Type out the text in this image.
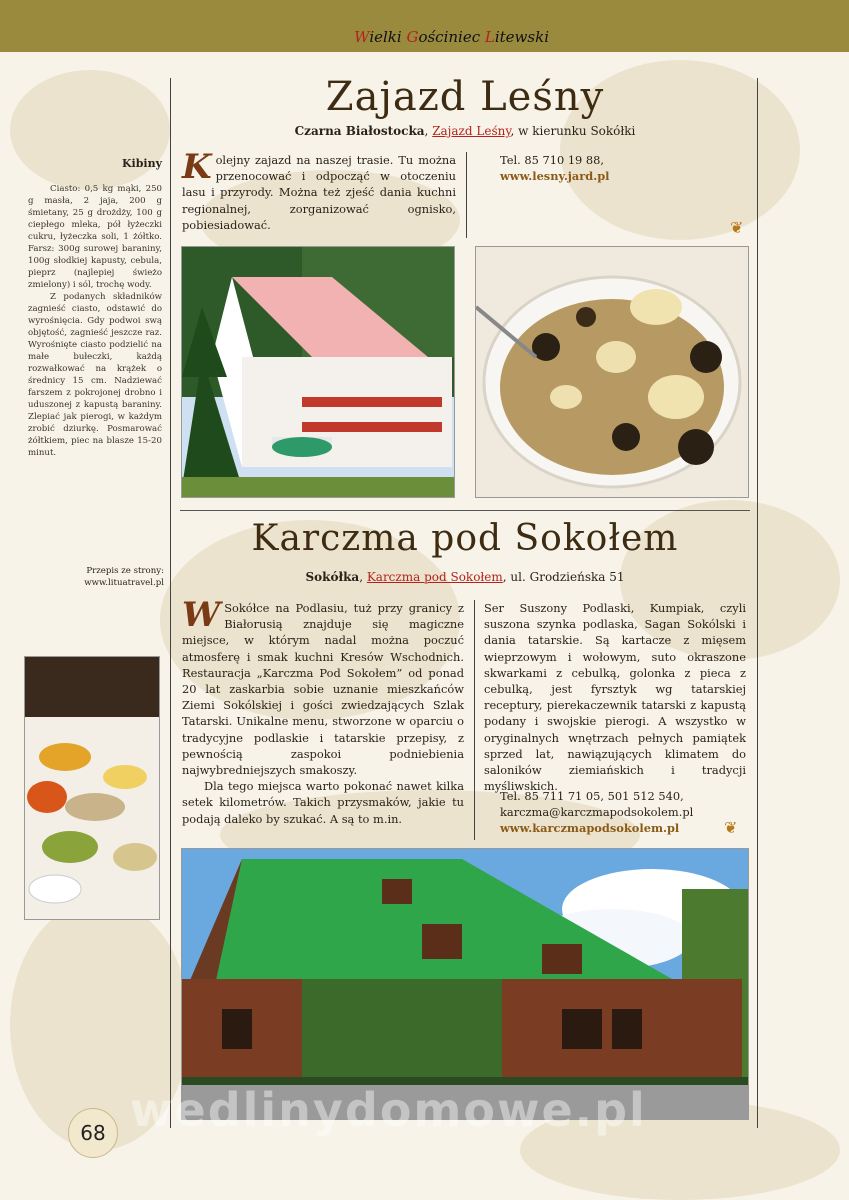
Wielki Gościniec Litewski
Kibiny
Ciasto: 0,5 kg mąki, 250 g masła, 2 jaja, 200 g śmietany, 25 g drożdży, 100 g ciepłego mleka, pół łyżeczki cukru, łyżeczka soli, 1 żółtko. Farsz: 300g surowej baraniny, 100g słodkiej kapusty, cebula, pieprz (najlepiej świeżo zmielony) i sól, trochę wody.
Z podanych składników zagnieść ciasto, odstawić do wyrośnięcia. Gdy podwoi swą objętość, zagnieść jeszcze raz. Wyrośnięte ciasto podzielić na małe bułeczki, każdą rozwałkować na krążek o średnicy 15 cm. Nadziewać farszem z pokrojonej drobno i uduszonej z kapustą baraniny. Zlepiać jak pierogi, w każdym zrobić dziurkę. Posmarować żółtkiem, piec na blasze 15-20 minut.
Przepis ze strony:
www.lituatravel.pl
Zajazd Leśny
Czarna Białostocka, Zajazd Leśny, w kierunku Sokółki
Kolejny zajazd na naszej trasie. Tu można przenocować i odpocząć w otoczeniu lasu i przyrody. Można też zjeść dania kuchni regionalnej, zorganizować ognisko, pobiesiadować.
Tel. 85 710 19 88,
www.lesny.jard.pl
❦
Karczma pod Sokołem
Sokółka, Karczma pod Sokołem, ul. Grodzieńska 51
W Sokółce na Podlasiu, tuż przy granicy z Białorusią znajduje się magiczne miejsce, w którym nadal można poczuć atmosferę i smak kuchni Kresów Wschodnich. Restauracja „Karczma Pod Sokołem” od ponad 20 lat zaskarbia sobie uznanie mieszkańców Ziemi Sokólskiej i gości zwiedzających Szlak Tatarski. Unikalne menu, stworzone w oparciu o tradycyjne podlaskie i tatarskie przepisy, z pewnością zaspokoi podniebienia najwybredniejszych smakoszy.
Dla tego miejsca warto pokonać nawet kilka setek kilometrów. Takich przysmaków, jakie tu podają daleko by szukać. A są to m.in.
Ser Suszony Podlaski, Kumpiak, czyli suszona szynka podlaska, Sagan Sokólski i dania tatarskie. Są kartacze z mięsem wieprzowym i wołowym, suto okraszone skwarkami z cebulką, golonka z pieca z cebulką, jest fyrsztyk wg tatarskiej receptury, pierekaczewnik tatarski z kapustą podany i swojskie pierogi. A wszystko w oryginalnych wnętrzach pełnych pamiątek sprzed lat, nawiązujących klimatem do saloników ziemiańskich i tradycji myśliwskich.
Tel. 85 711 71 05, 501 512 540,
karczma@karczmapodsokolem.pl
www.karczmapodsokolem.pl	❦
wedlinydomowe.pl
68
